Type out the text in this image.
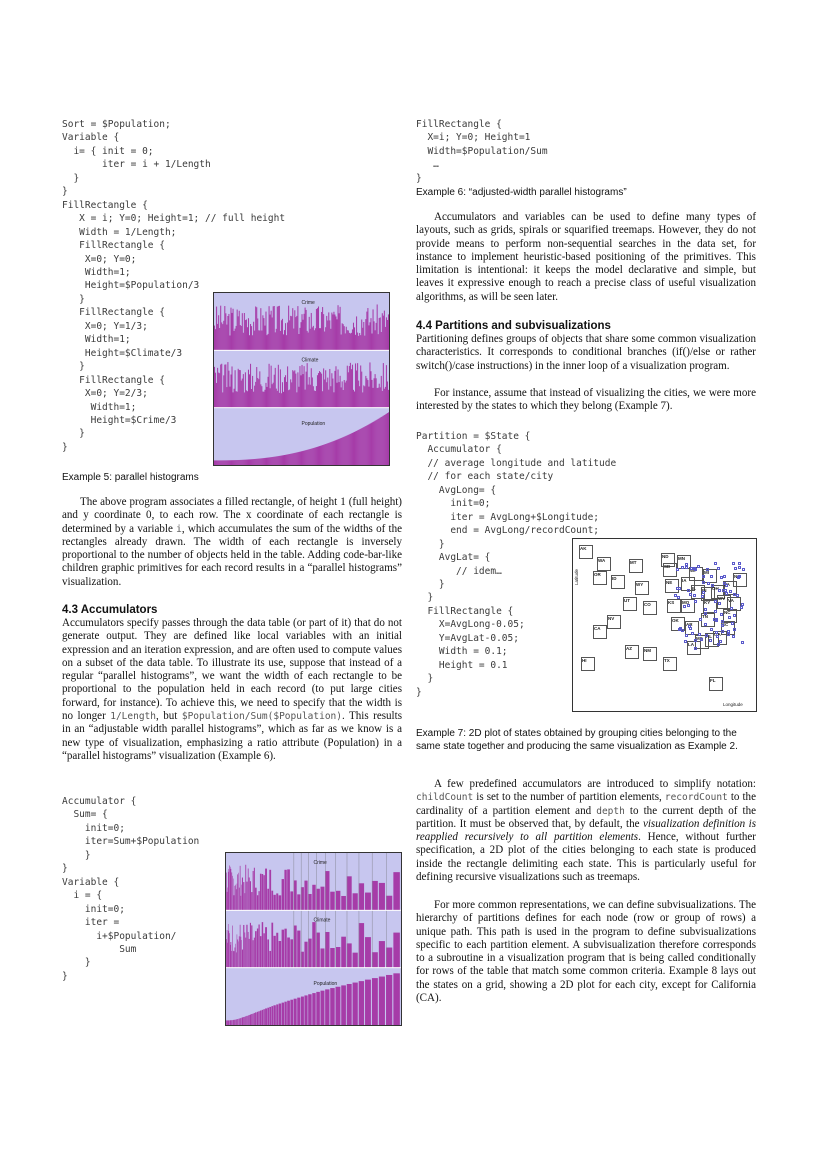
Sort = $Population;
Variable {
i= { init = 0;
iter = i + 1/Length
}
}
FillRectangle {
X = i; Y=0; Height=1; // full height
Width = 1/Length;
FillRectangle {
X=0; Y=0;
Width=1;
Height=$Population/3
}
FillRectangle {
X=0; Y=1/3;
Width=1;
Height=$Climate/3
}
FillRectangle {
X=0; Y=2/3;
Width=1;
Height=$Crime/3
}
}
Crime
Climate
Population

Example 5: parallel histograms

The above program associates a filled rectangle, of height 1 (full height) and y coordinate 0, to each row. The x coordinate of each rectangle is determined by a variable i, which accumulates the sum of the widths of the rectangles already drawn. The width of each rectangle is inversely proportional to the number of objects held in the table. Adding code-bar-like children graphic primitives for each record results in a “parallel histograms” visualization.

4.3 Accumulators

Accumulators specify passes through the data table (or part of it) that do not generate output. They are defined like local variables with an initial expression and an iteration expression, and are often used to compute values on a subset of the data table. To illustrate its use, suppose that instead of a regular “parallel histograms”, we want the width of each rectangle to be proportional to the population held in each record (to put large cities forward, for instance). To achieve this, we need to specify that the width is no longer 1/Length, but $Population/Sum($Population). This results in an “adjustable width parallel histograms”, which as far as we know is a new type of visualization, emphasizing a ratio attribute (Population) in a “parallel histograms” visualization (Example 6).

Accumulator {
Sum= {
init=0;
iter=Sum+$Population
}
}
Variable {
i = {
init=0;
iter =
i+$Population/
Sum
}
}
Crime
Climate
Population
FillRectangle {
X=i; Y=0; Height=1
Width=$Population/Sum
…
}

Example 6: “adjusted-width parallel histograms”

Accumulators and variables can be used to define many types of layouts, such as grids, spirals or squarified treemaps. However, they do not provide means to perform non-sequential searches in the data set, for instance to implement heuristic-based positioning of the primitives. This limitation is intentional: it keeps the model declarative and simple, but leaves it expressive enough to reach a precise class of useful visualization algorithms, as will be seen later.

4.4 Partitions and subvisualizations

Partitioning defines groups of objects that share some common visualization characteristics. It corresponds to conditional branches (if()/else or rather switch()/case instructions) in the inner loop of a visualization program.

For instance, assume that instead of visualizing the cities, we were more interested by the states to which they belong (Example 7).

Partition = $State {
Accumulator {
// average longitude and latitude
// for each state/city
AvgLong= {
init=0;
iter = AvgLong+$Longitude;
end = AvgLong/recordCount;
}
AvgLat= {
// idem…
}
}
FillRectangle {
X=AvgLong-0.05;
Y=AvgLat-0.05;
Width = 0.1;
Height = 0.1
}
}
AK
WA	MT
ND MN
OR
ID
SD
WI MI
WY	NE IA
IL IN OH
PA
NY
UT
CO	KS MO	KY
WV VA
NV
CA
AZ	NM
OK
AR
TN
NC
SC
HI	TX
LA
MS AL GA
FL
Latitude
Longitude

Example 7: 2D plot of states obtained by grouping cities belonging to the same state together and producing the same visualization as Example 2.

A few predefined accumulators are introduced to simplify notation: childCount is set to the number of partition elements, recordCount to the cardinality of a partition element and depth to the current depth of the partition. It must be observed that, by default, the visualization definition is reapplied recursively to all partition elements. Hence, without further specification, a 2D plot of the cities belonging to each state is produced inside the rectangle delimiting each state. This is particularly useful for defining recursive visualizations such as treemaps.

For more common representations, we can define subvisualizations. The hierarchy of partitions defines for each node (row or group of rows) a unique path. This path is used in the program to define subvisualizations specific to each partition element. A subvisualization therefore corresponds to a subroutine in a visualization program that is being called conditionally for rows of the table that match some common criteria. Example 8 lays out the states on a grid, showing a 2D plot for each city, except for California (CA).
